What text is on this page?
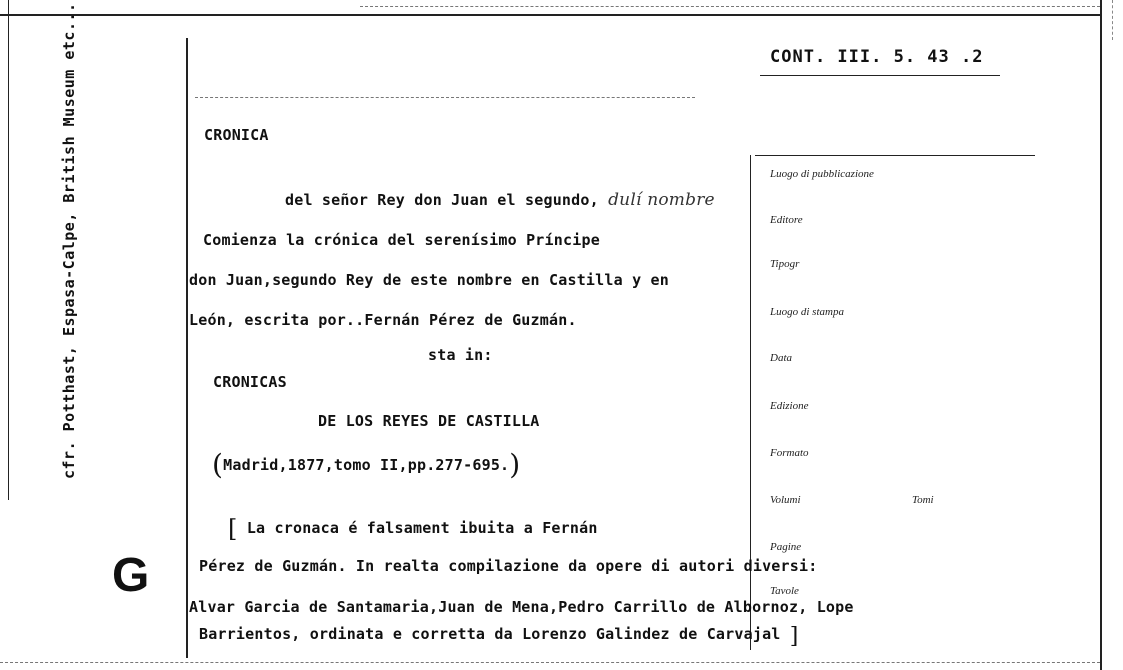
cfr. Potthast, Espasa-Calpe, British Museum etc...
G
CONT. III. 5. 43 .2
CRONICA
del señor Rey don Juan el segundo, dulí nombre
Comienza la crónica del serenísimo Príncipe
don Juan,segundo Rey de este nombre en Castilla y en
León, escrita por..Fernán Pérez de Guzmán.
sta in:
CRONICAS
DE LOS REYES DE CASTILLA
(Madrid,1877,tomo II,pp.277-695.)
[ La cronaca é falsament ibuita a Fernán
Pérez de Guzmán. In realta compilazione da opere di autori diversi:
Alvar Garcia de Santamaria,Juan de Mena,Pedro Carrillo de Albornoz, Lope
Barrientos, ordinata e corretta da Lorenzo Galindez de Carvajal ]
Luogo di pubblicazione
Editore
Tipogr
Luogo di stampa
Data
Edizione
Formato
Volumi	Tomi
Pagine
Tavole
